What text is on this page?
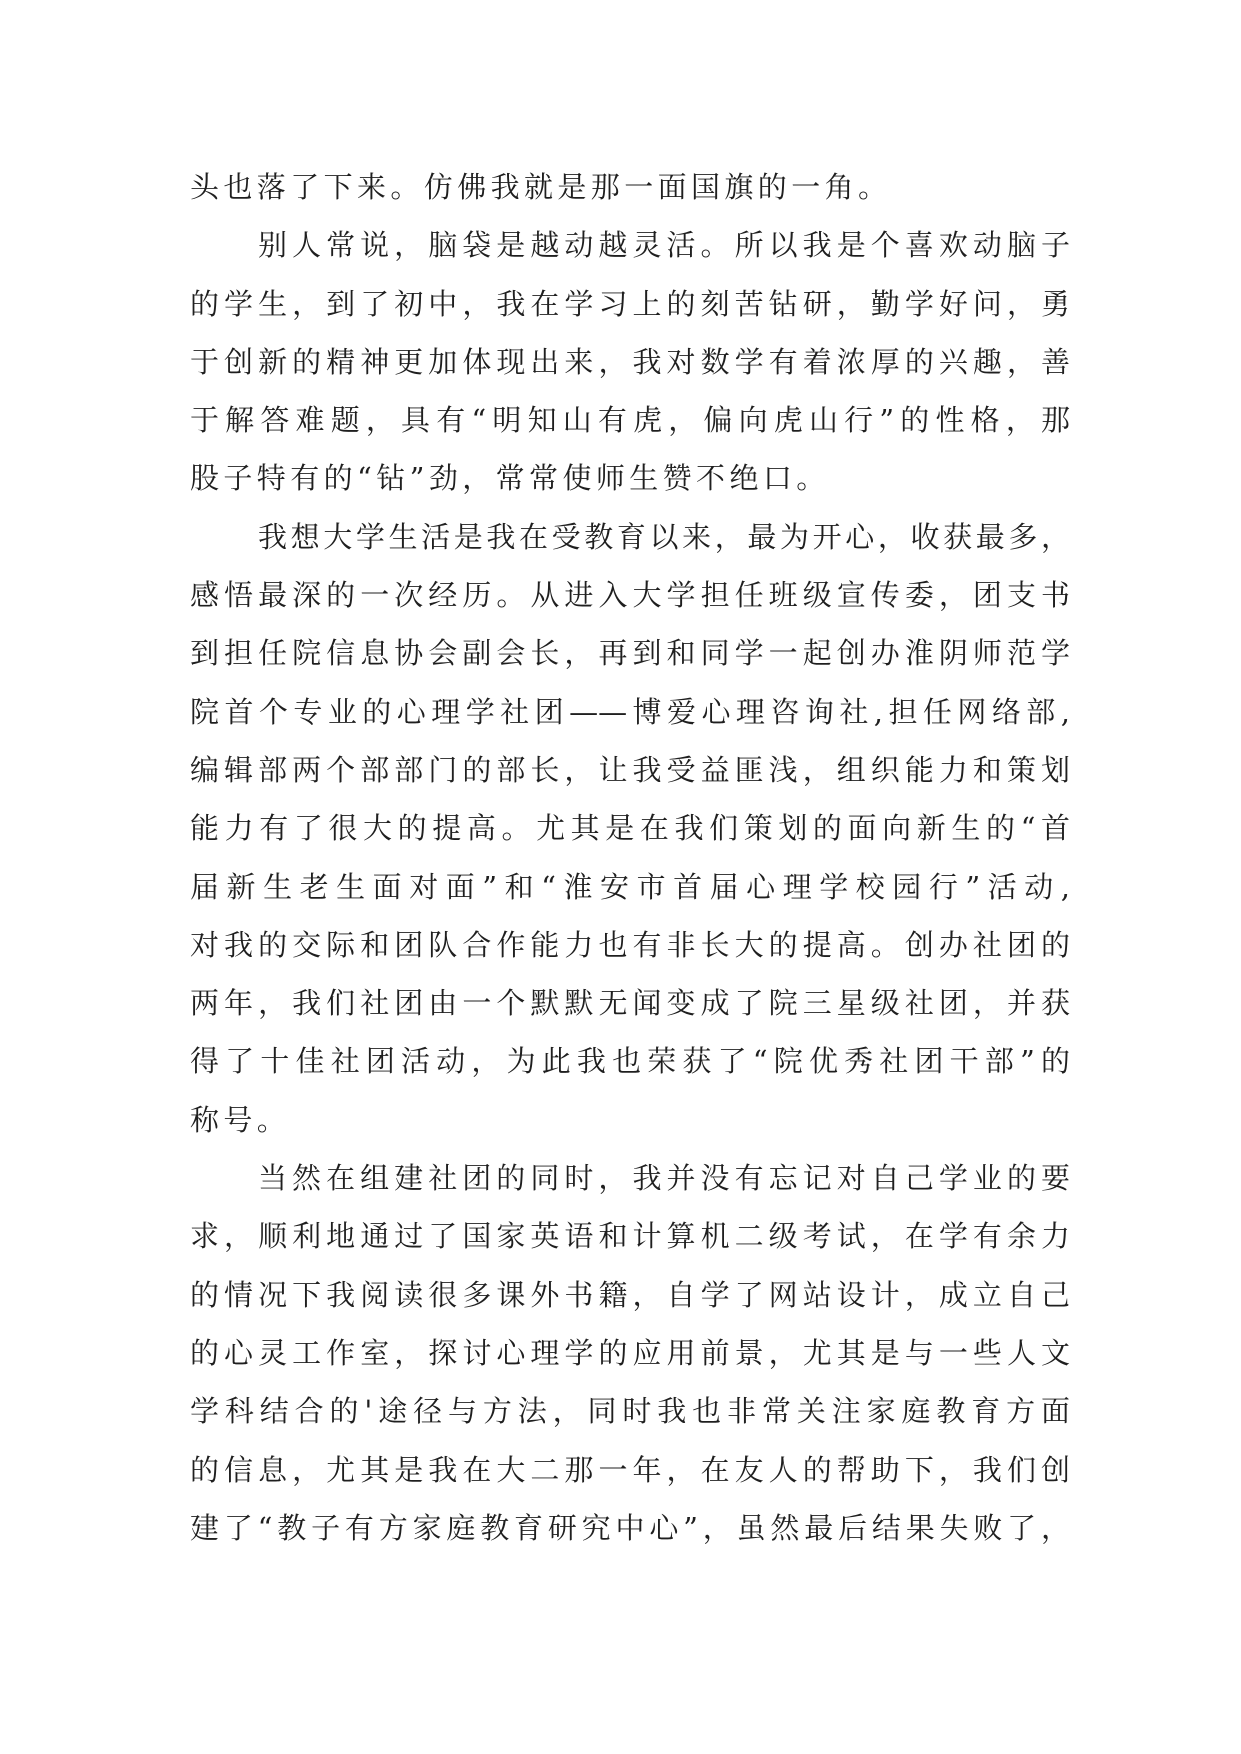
头也落了下来。仿佛我就是那一面国旗的一角。
别人常说，脑袋是越动越灵活。所以我是个喜欢动脑子
的学生，到了初中，我在学习上的刻苦钻研，勤学好问，勇
于创新的精神更加体现出来，我对数学有着浓厚的兴趣，善
于解答难题，具有“明知山有虎，偏向虎山行”的性格，那
股子特有的“钻”劲，常常使师生赞不绝口。
我想大学生活是我在受教育以来，最为开心，收获最多，
感悟最深的一次经历。从进入大学担任班级宣传委，团支书
到担任院信息协会副会长，再到和同学一起创办淮阴师范学
院首个专业的心理学社团——博爱心理咨询社,担任网络部,
编辑部两个部部门的部长，让我受益匪浅，组织能力和策划
能力有了很大的提高。尤其是在我们策划的面向新生的“首
届新生老生面对面”和“淮安市首届心理学校园行”活动,
对我的交际和团队合作能力也有非长大的提高。创办社团的
两年，我们社团由一个默默无闻变成了院三星级社团，并获
得了十佳社团活动，为此我也荣获了“院优秀社团干部”的
称号。
当然在组建社团的同时，我并没有忘记对自己学业的要
求，顺利地通过了国家英语和计算机二级考试，在学有余力
的情况下我阅读很多课外书籍，自学了网站设计，成立自己
的心灵工作室，探讨心理学的应用前景，尤其是与一些人文
学科结合的'途径与方法，同时我也非常关注家庭教育方面
的信息，尤其是我在大二那一年，在友人的帮助下，我们创
建了“教子有方家庭教育研究中心”，虽然最后结果失败了，
